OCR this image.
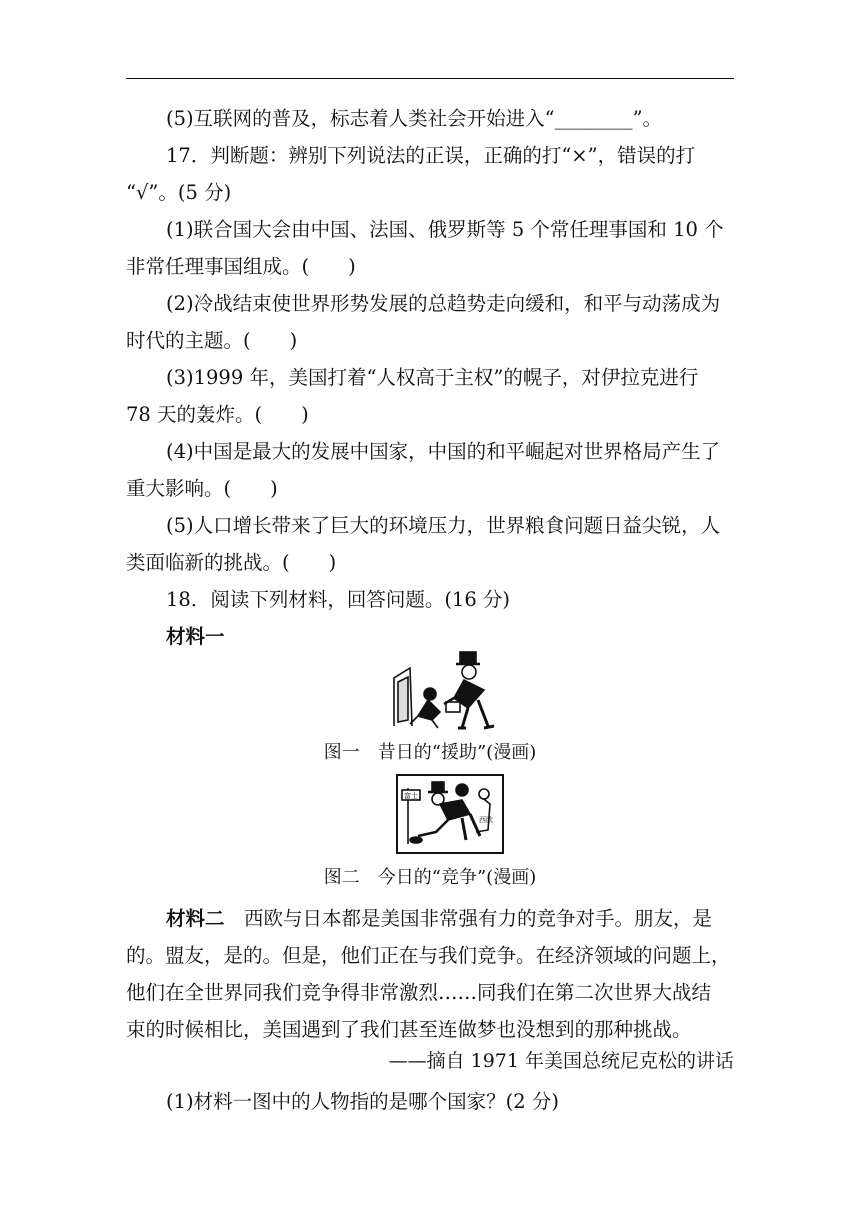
(5)互联网的普及，标志着人类社会开始进入“________”。
17．判断题：辨别下列说法的正误，正确的打“×”，错误的打
“√”。(5 分)
(1)联合国大会由中国、法国、俄罗斯等 5 个常任理事国和 10 个
非常任理事国组成。(　　)
(2)冷战结束使世界形势发展的总趋势走向缓和，和平与动荡成为
时代的主题。(　　)
(3)1999 年，美国打着“人权高于主权”的幌子，对伊拉克进行
78 天的轰炸。(　　)
(4)中国是最大的发展中国家，中国的和平崛起对世界格局产生了
重大影响。(　　)
(5)人口增长带来了巨大的环境压力，世界粮食问题日益尖锐，人
类面临新的挑战。(　　)
18．阅读下列材料，回答问题。(16 分)
材料一
图一　昔日的“援助”(漫画)
富士
西欧
图二　今日的“竞争”(漫画)
材料二　西欧与日本都是美国非常强有力的竞争对手。朋友，是
的。盟友，是的。但是，他们正在与我们竞争。在经济领域的问题上，
他们在全世界同我们竞争得非常激烈……同我们在第二次世界大战结
束的时候相比，美国遇到了我们甚至连做梦也没想到的那种挑战。
——摘自 1971 年美国总统尼克松的讲话
(1)材料一图中的人物指的是哪个国家？(2 分)
